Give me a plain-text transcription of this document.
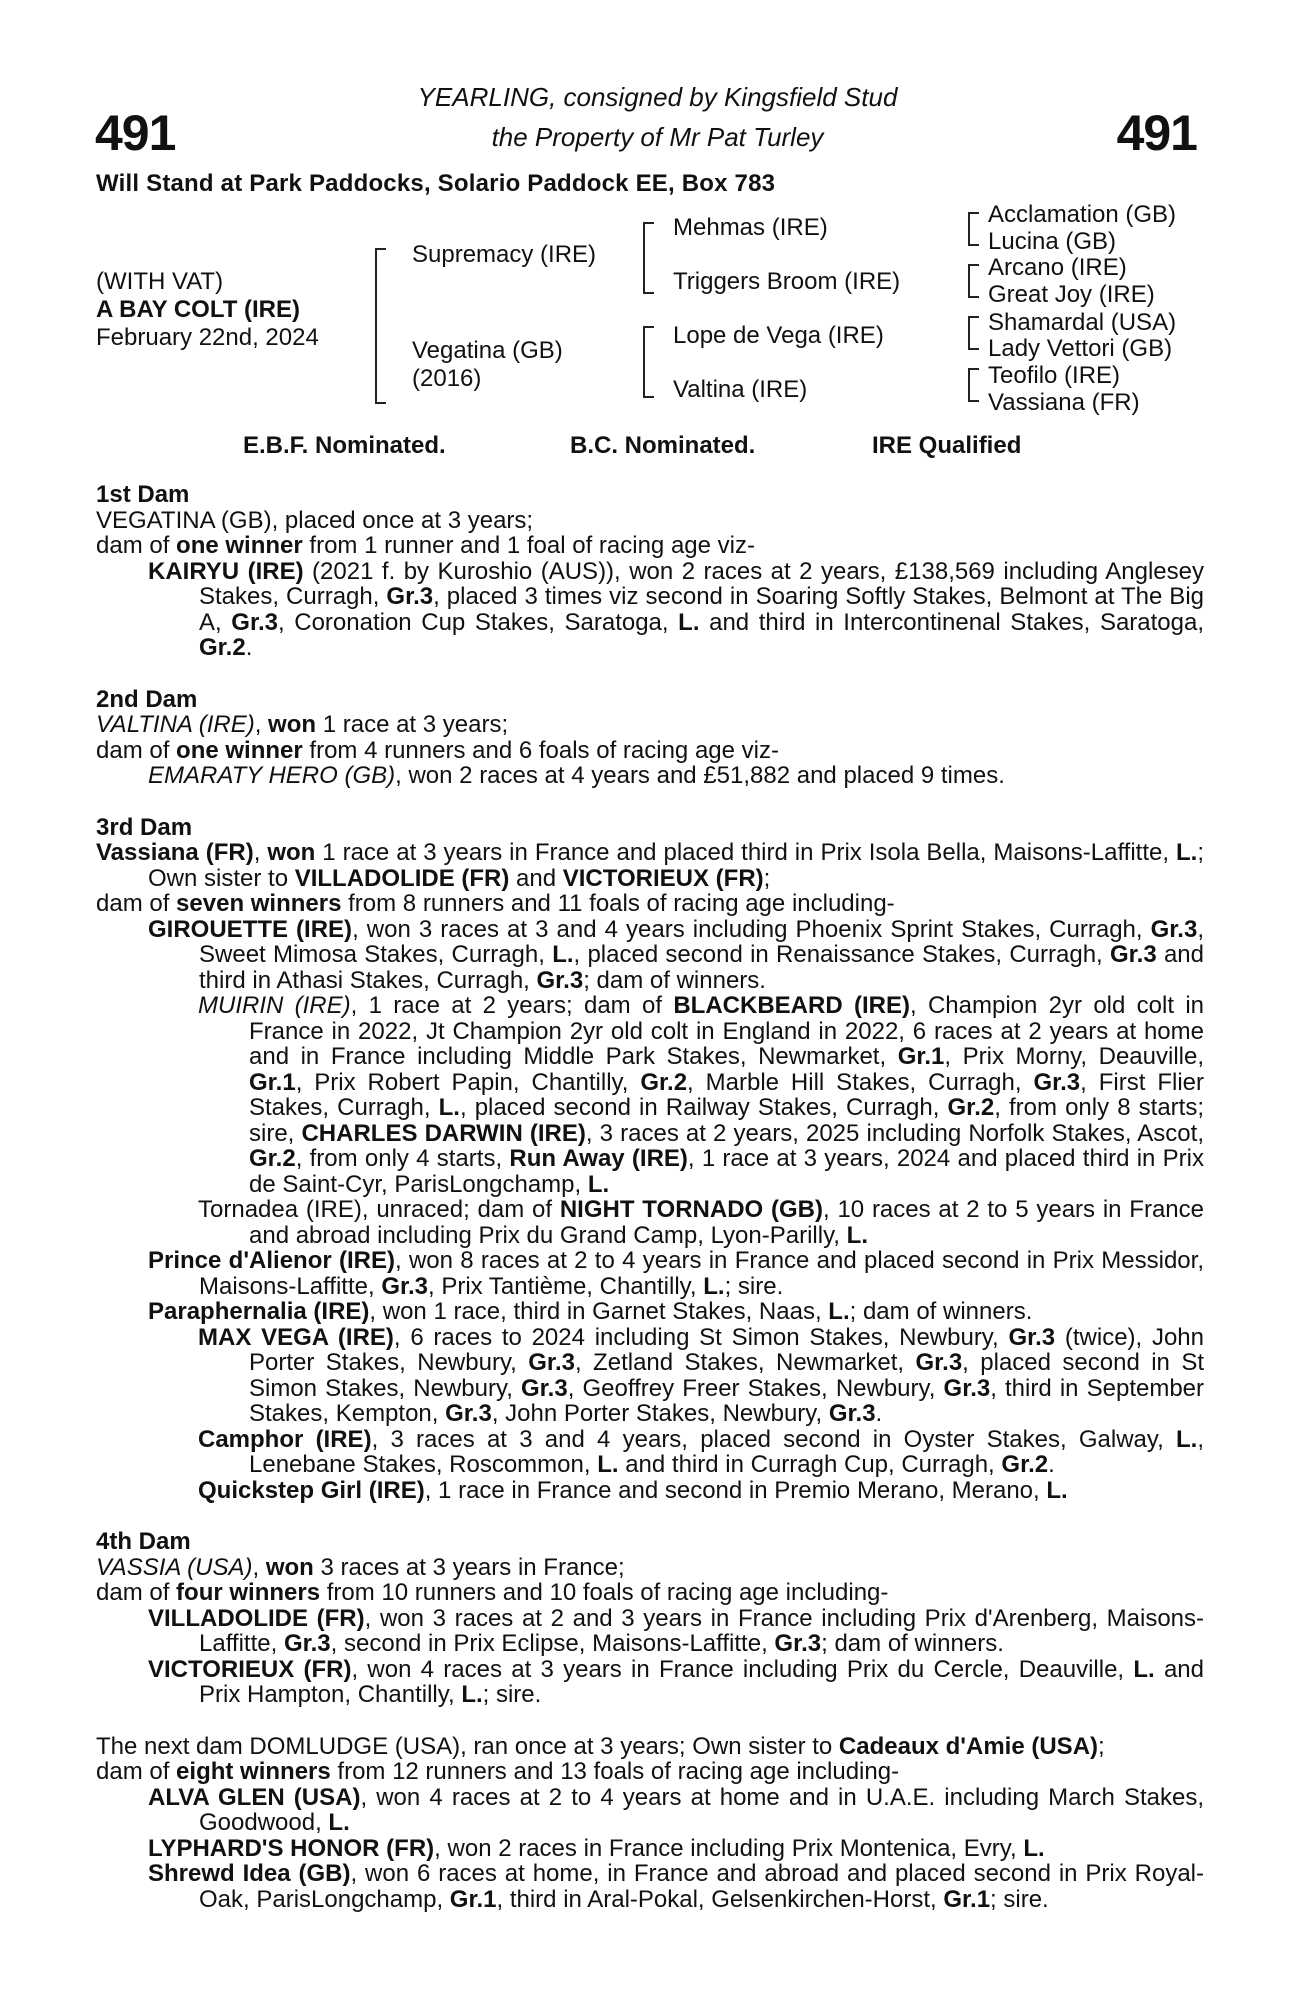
491	491
YEARLING, consigned by Kingsfield Stud
the Property of Mr Pat Turley
Will Stand at Park Paddocks, Solario Paddock EE, Box 783
(WITH VAT)
A BAY COLT (IRE)
February 22nd, 2024
Supremacy (IRE)
Vegatina (GB)
(2016)
Mehmas (IRE)
Triggers Broom (IRE)
Lope de Vega (IRE)
Valtina (IRE)
Acclamation (GB)
Lucina (GB)
Arcano (IRE)
Great Joy (IRE)
Shamardal (USA)
Lady Vettori (GB)
Teofilo (IRE)
Vassiana (FR)
E.B.F. Nominated.	B.C. Nominated.	IRE Qualified
1st Dam
VEGATINA (GB), placed once at 3 years;
dam of one winner from 1 runner and 1 foal of racing age viz-
KAIRYU (IRE) (2021 f. by Kuroshio (AUS)), won 2 races at 2 years, £138,569 including Anglesey Stakes, Curragh, Gr.3, placed 3 times viz second in Soaring Softly Stakes, Belmont at The Big A, Gr.3, Coronation Cup Stakes, Saratoga, L. and third in Intercontinenal Stakes, Saratoga, Gr.2.
2nd Dam
VALTINA (IRE), won 1 race at 3 years;
dam of one winner from 4 runners and 6 foals of racing age viz-
EMARATY HERO (GB), won 2 races at 4 years and £51,882 and placed 9 times.
3rd Dam
Vassiana (FR), won 1 race at 3 years in France and placed third in Prix Isola Bella, Maisons-Laffitte, L.; Own sister to VILLADOLIDE (FR) and VICTORIEUX (FR);
dam of seven winners from 8 runners and 11 foals of racing age including-
GIROUETTE (IRE), won 3 races at 3 and 4 years including Phoenix Sprint Stakes, Curragh, Gr.3, Sweet Mimosa Stakes, Curragh, L., placed second in Renaissance Stakes, Curragh, Gr.3 and third in Athasi Stakes, Curragh, Gr.3; dam of winners.
MUIRIN (IRE), 1 race at 2 years; dam of BLACKBEARD (IRE), Champion 2yr old colt in France in 2022, Jt Champion 2yr old colt in England in 2022, 6 races at 2 years at home and in France including Middle Park Stakes, Newmarket, Gr.1, Prix Morny, Deauville, Gr.1, Prix Robert Papin, Chantilly, Gr.2, Marble Hill Stakes, Curragh, Gr.3, First Flier Stakes, Curragh, L., placed second in Railway Stakes, Curragh, Gr.2, from only 8 starts; sire, CHARLES DARWIN (IRE), 3 races at 2 years, 2025 including Norfolk Stakes, Ascot, Gr.2, from only 4 starts, Run Away (IRE), 1 race at 3 years, 2024 and placed third in Prix de Saint-Cyr, ParisLongchamp, L.
Tornadea (IRE), unraced; dam of NIGHT TORNADO (GB), 10 races at 2 to 5 years in France and abroad including Prix du Grand Camp, Lyon-Parilly, L.
Prince d'Alienor (IRE), won 8 races at 2 to 4 years in France and placed second in Prix Messidor, Maisons-Laffitte, Gr.3, Prix Tantième, Chantilly, L.; sire.
Paraphernalia (IRE), won 1 race, third in Garnet Stakes, Naas, L.; dam of winners.
MAX VEGA (IRE), 6 races to 2024 including St Simon Stakes, Newbury, Gr.3 (twice), John Porter Stakes, Newbury, Gr.3, Zetland Stakes, Newmarket, Gr.3, placed second in St Simon Stakes, Newbury, Gr.3, Geoffrey Freer Stakes, Newbury, Gr.3, third in September Stakes, Kempton, Gr.3, John Porter Stakes, Newbury, Gr.3.
Camphor (IRE), 3 races at 3 and 4 years, placed second in Oyster Stakes, Galway, L., Lenebane Stakes, Roscommon, L. and third in Curragh Cup, Curragh, Gr.2.
Quickstep Girl (IRE), 1 race in France and second in Premio Merano, Merano, L.
4th Dam
VASSIA (USA), won 3 races at 3 years in France;
dam of four winners from 10 runners and 10 foals of racing age including-
VILLADOLIDE (FR), won 3 races at 2 and 3 years in France including Prix d'Arenberg, Maisons-Laffitte, Gr.3, second in Prix Eclipse, Maisons-Laffitte, Gr.3; dam of winners.
VICTORIEUX (FR), won 4 races at 3 years in France including Prix du Cercle, Deauville, L. and Prix Hampton, Chantilly, L.; sire.
The next dam DOMLUDGE (USA), ran once at 3 years; Own sister to Cadeaux d'Amie (USA);
dam of eight winners from 12 runners and 13 foals of racing age including-
ALVA GLEN (USA), won 4 races at 2 to 4 years at home and in U.A.E. including March Stakes, Goodwood, L.
LYPHARD'S HONOR (FR), won 2 races in France including Prix Montenica, Evry, L.
Shrewd Idea (GB), won 6 races at home, in France and abroad and placed second in Prix Royal-Oak, ParisLongchamp, Gr.1, third in Aral-Pokal, Gelsenkirchen-Horst, Gr.1; sire.
